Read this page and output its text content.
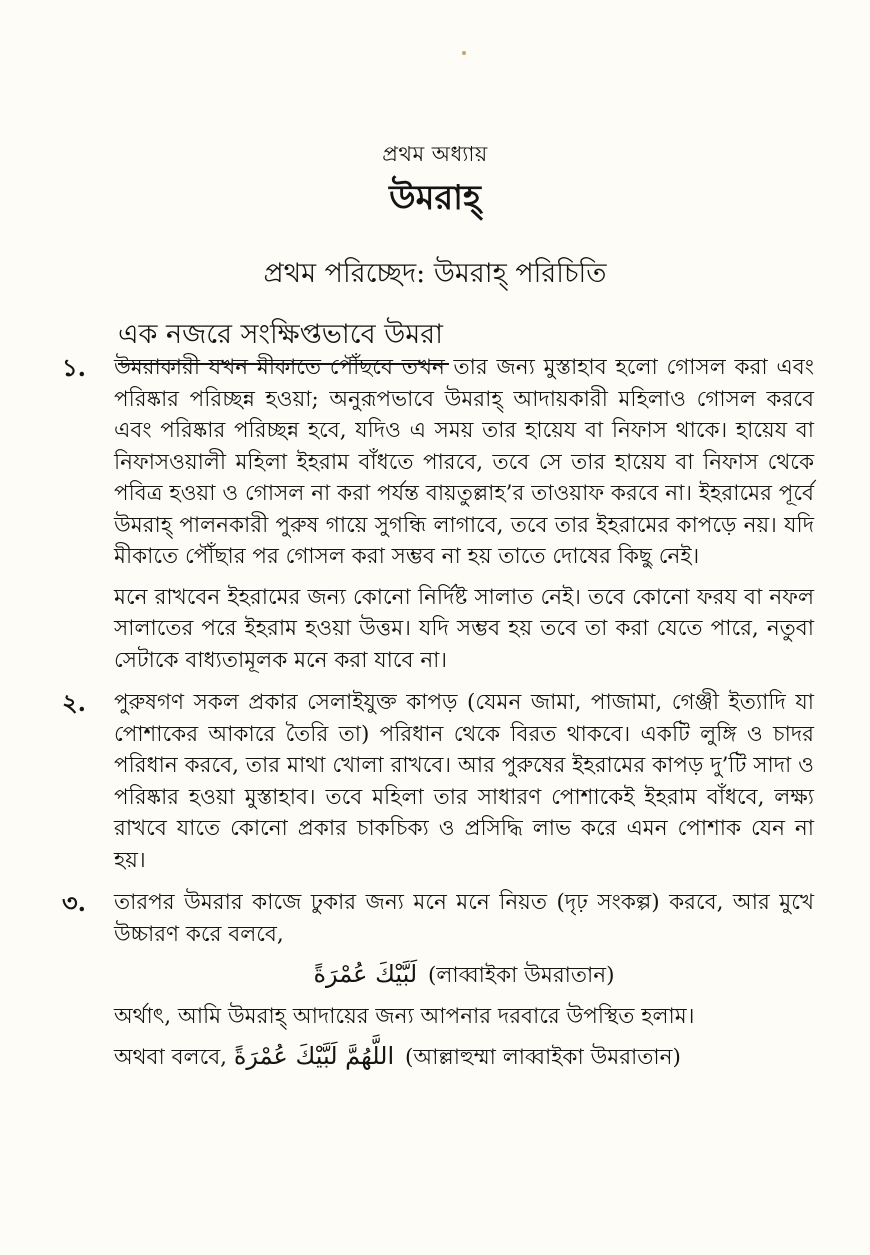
প্রথম অধ্যায়
উমরাহ্
প্রথম পরিচ্ছেদ: উমরাহ্ পরিচিতি
এক নজরে সংক্ষিপ্তভাবে উমরা
১. উমরাকারী যখন মীকাতে পৌঁছবে তখন তার জন্য মুস্তাহাব হলো গোসল করা এবং পরিষ্কার পরিচ্ছন্ন হওয়া; অনুরূপভাবে উমরাহ্ আদায়কারী মহিলাও গোসল করবে এবং পরিষ্কার পরিচ্ছন্ন হবে, যদিও এ সময় তার হায়েয বা নিফাস থাকে। হায়েয বা নিফাসওয়ালী মহিলা ইহরাম বাঁধতে পারবে, তবে সে তার হায়েয বা নিফাস থেকে পবিত্র হওয়া ও গোসল না করা পর্যন্ত বায়তুল্লাহ’র তাওয়াফ করবে না। ইহরামের পূর্বে উমরাহ্ পালনকারী পুরুষ গায়ে সুগন্ধি লাগাবে, তবে তার ইহরামের কাপড়ে নয়। যদি মীকাতে পৌঁছার পর গোসল করা সম্ভব না হয় তাতে দোষের কিছু নেই।

মনে রাখবেন ইহরামের জন্য কোনো নির্দিষ্ট সালাত নেই। তবে কোনো ফরয বা নফল সালাতের পরে ইহরাম হওয়া উত্তম। যদি সম্ভব হয় তবে তা করা যেতে পারে, নতুবা সেটাকে বাধ্যতামূলক মনে করা যাবে না।

২. পুরুষগণ সকল প্রকার সেলাইযুক্ত কাপড় (যেমন জামা, পাজামা, গেঞ্জী ইত্যাদি যা পোশাকের আকারে তৈরি তা) পরিধান থেকে বিরত থাকবে। একটি লুঙ্গি ও চাদর পরিধান করবে, তার মাথা খোলা রাখবে। আর পুরুষের ইহরামের কাপড় দু’টি সাদা ও পরিষ্কার হওয়া মুস্তাহাব। তবে মহিলা তার সাধারণ পোশাকেই ইহরাম বাঁধবে, লক্ষ্য রাখবে যাতে কোনো প্রকার চাকচিক্য ও প্রসিদ্ধি লাভ করে এমন পোশাক যেন না হয়।

৩. তারপর উমরার কাজে ঢুকার জন্য মনে মনে নিয়ত (দৃঢ় সংকল্প) করবে, আর মুখে উচ্চারণ করে বলবে,

لَبَّيْكَ عُمْرَةً (লাব্বাইকা উমরাতান)

অর্থাৎ, আমি উমরাহ্ আদায়ের জন্য আপনার দরবারে উপস্থিত হলাম।

অথবা বলবে, اللَّهُمَّ لَبَّيْكَ عُمْرَةً (আল্লাহুম্মা লাব্বাইকা উমরাতান)
